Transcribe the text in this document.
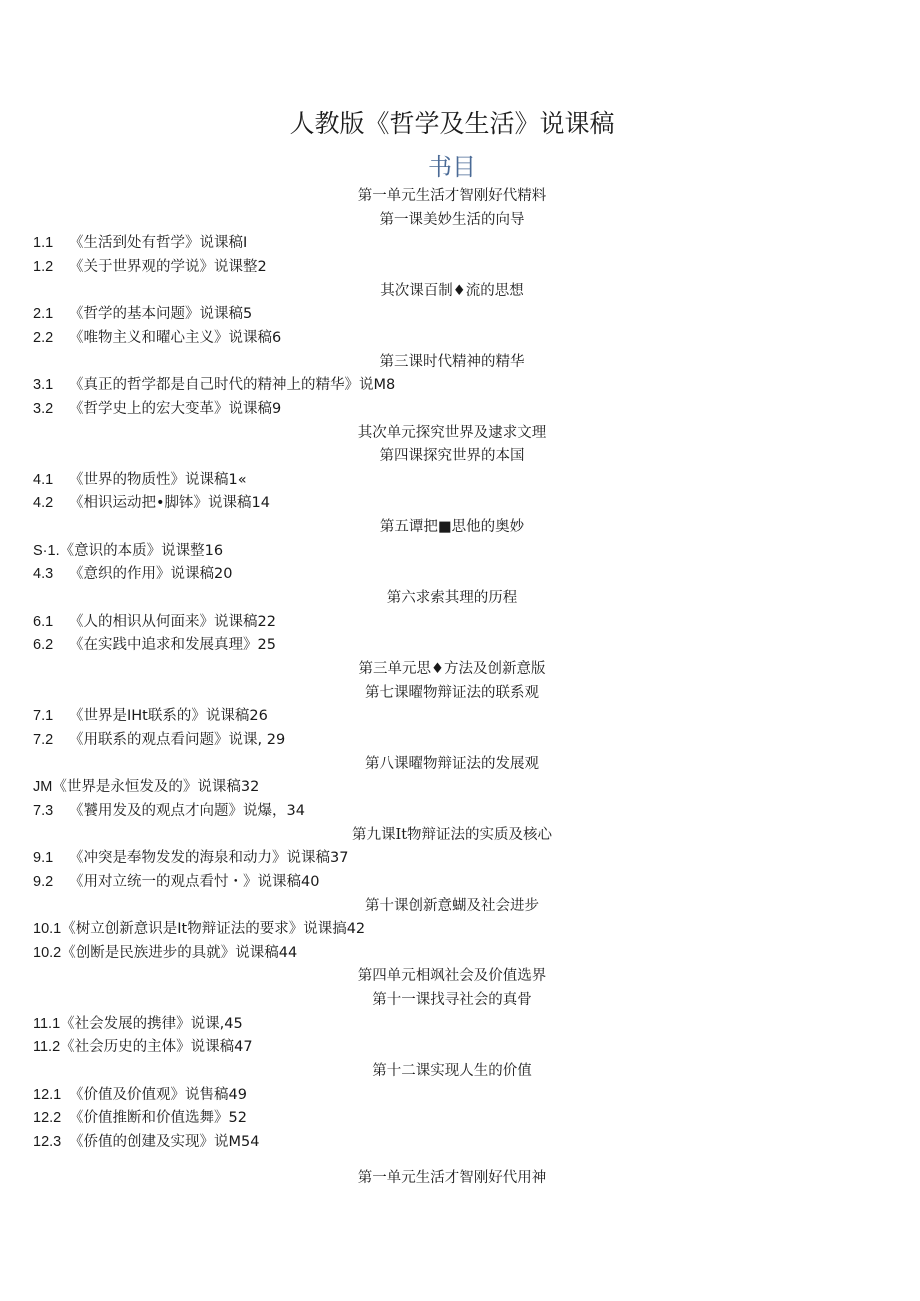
人教版《哲学及生活》说课稿
书目
第一单元生活才智刚好代精料
第一课美妙生活的向导
1.1 《生活到处有哲学》说课稿I
1.2 《关于世界观的学说》说课整2
其次课百制♦流的思想
2.1 《哲学的基本问题》说课稿5
2.2 《唯物主义和曜心主义》说课稿6
第三课时代精神的精华
3.1 《真正的哲学都是自己时代的精神上的精华》说M8
3.2 《哲学史上的宏大变革》说课稿9
其次单元探究世界及逮求文理
第四课探究世界的本国
4.1 《世界的物质性》说课稿1«
4.2 《相识运动把•脚钵》说课稿14
第五谭把■思他的奥妙
S·1.《意识的本质》说课整16
4.3 《意织的作用》说课稿20
第六求索其理的历程
6.1 《人的相识从何面来》说课稿22
6.2 《在实践中追求和发展真理》25
第三单元思♦方法及创新意版
第七课曜物辩证法的联系观
7.1 《世界是IHt联系的》说课稿26
7.2 《用联系的观点看问题》说课, 29
第八课曜物辩证法的发展观
JM《世界是永恒发及的》说课稿32
7.3 《饕用发及的观点才向题》说爆，34
第九课It物辩证法的实质及核心
9.1 《冲突是奉物发发的海泉和动力》说课稿37
9.2 《用对立统一的观点看忖・》说课稿40
第十课创新意蝴及社会进步
10.1《树立创新意识是It物辩证法的要求》说课搞42
10.2《创断是民族进步的具就》说课稿44
第四单元相飒社会及价值选界
第十一课找寻社会的真骨
11.1《社会发展的携律》说课,45
11.2《社会历史的主体》说课稿47
第十二课实现人生的价值
12.1 《价值及价值观》说售稿49
12.2 《价值推断和价值选舞》52
12.3 《侨值的创建及实现》说M54
第一单元生活才智刚好代用神
